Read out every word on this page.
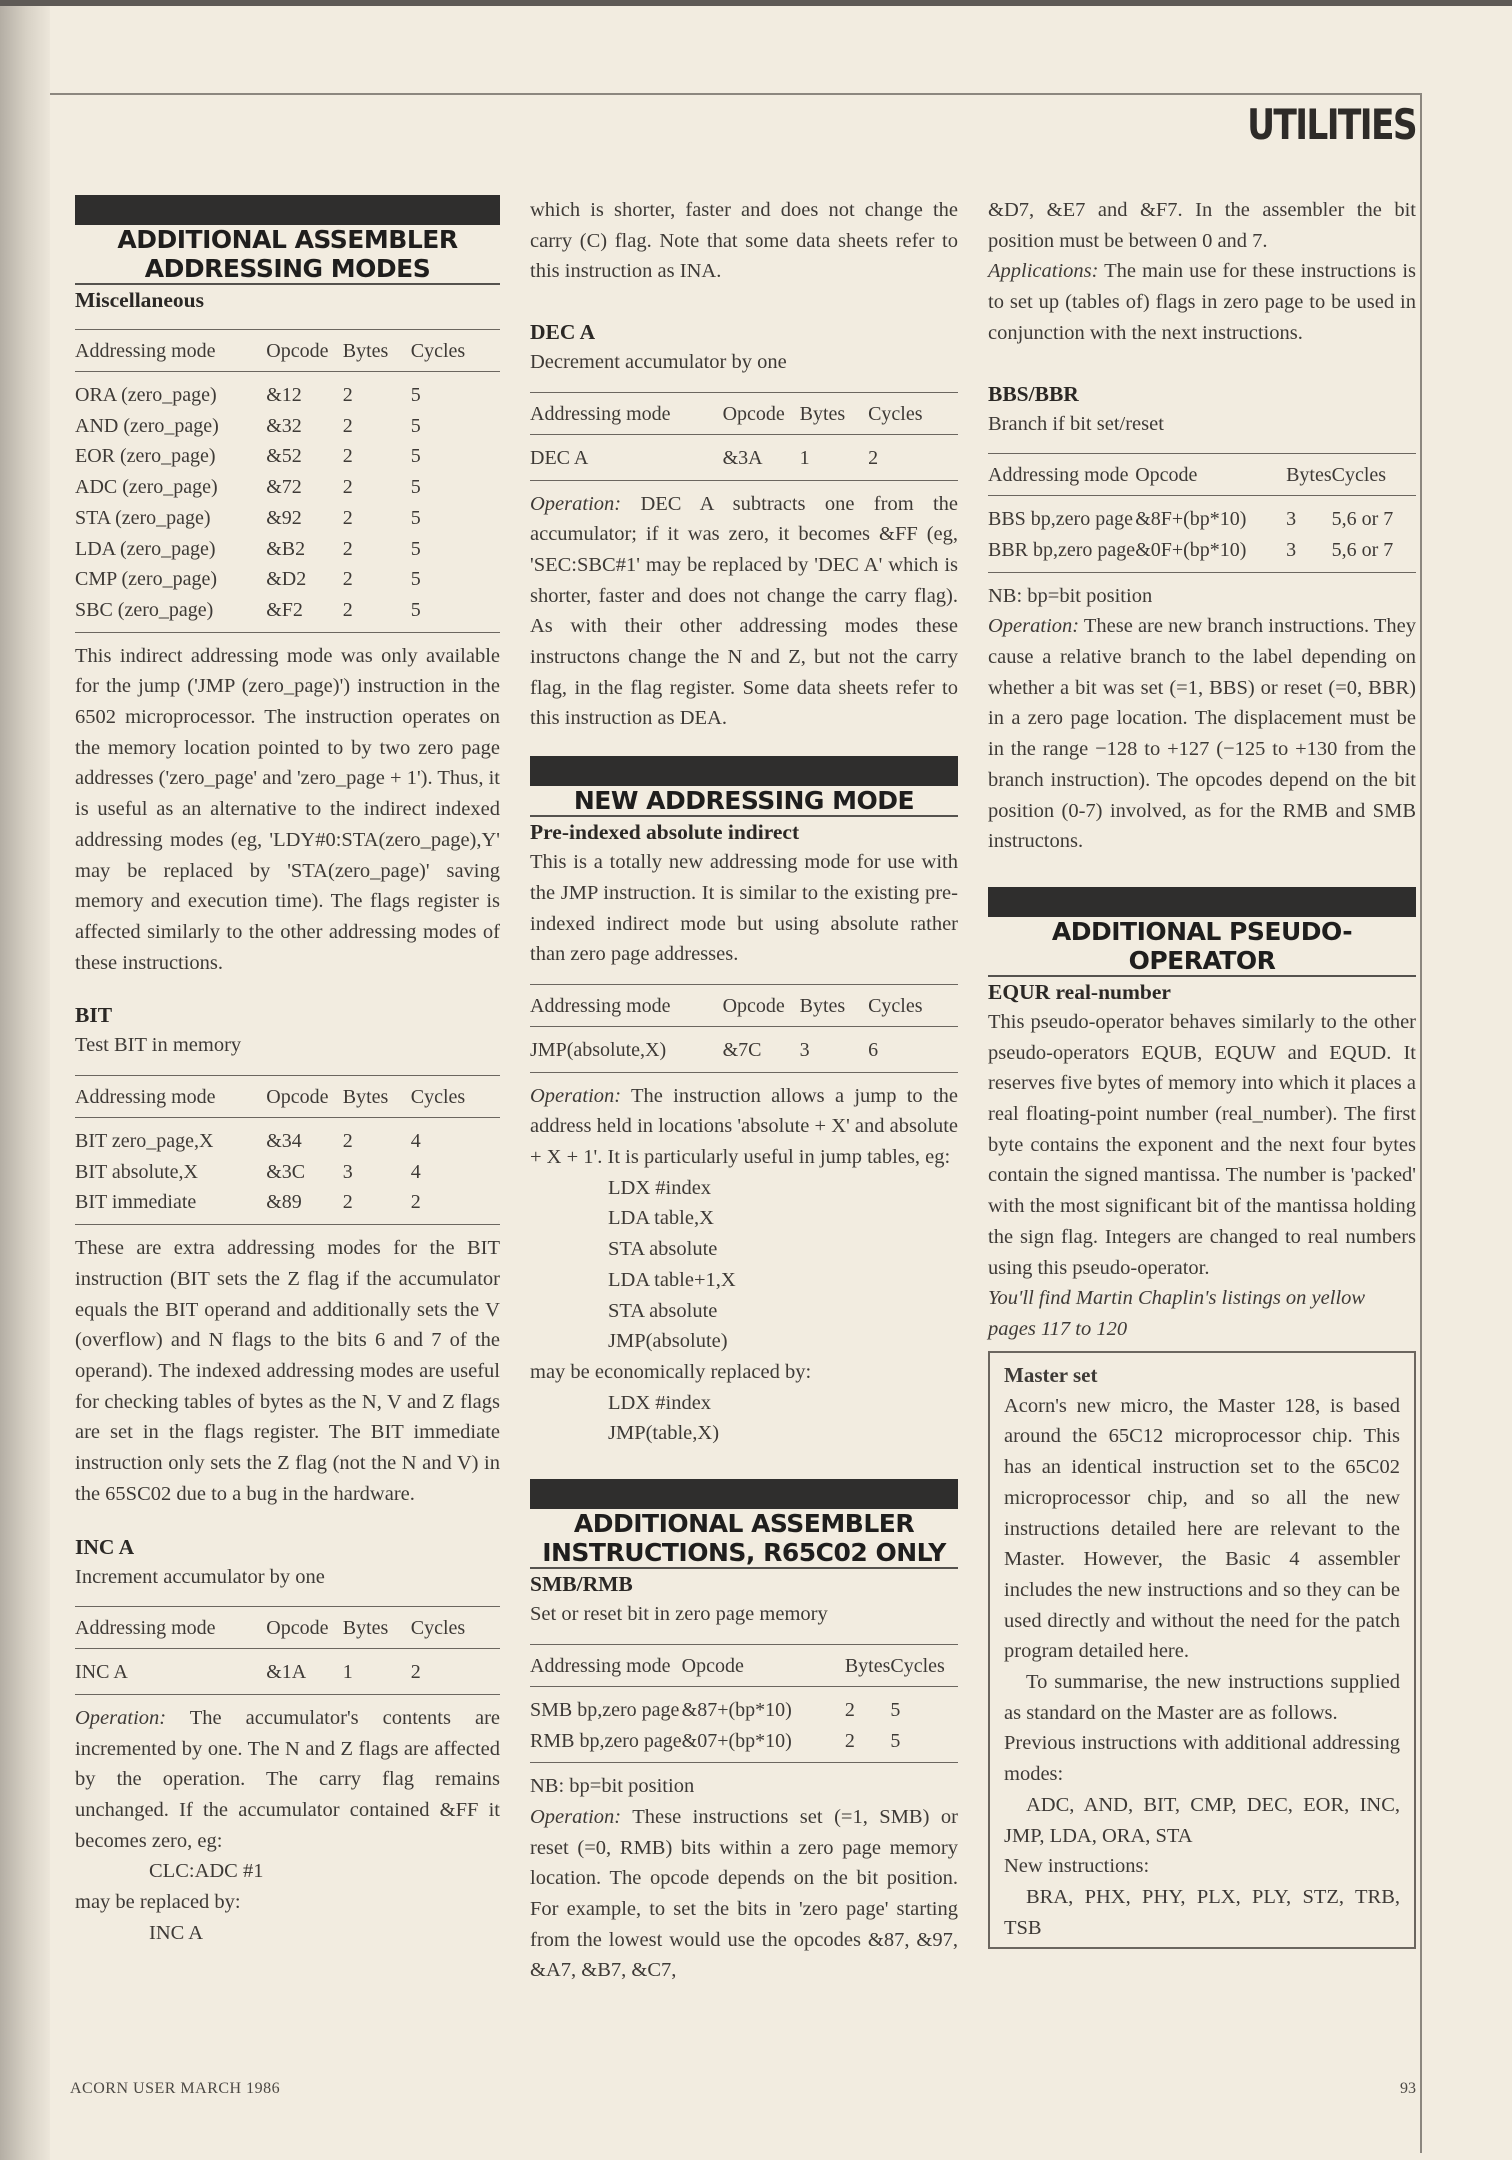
UTILITIES
ADDITIONAL ASSEMBLER
ADDRESSING MODES
Miscellaneous
Addressing mode	Opcode	Bytes	Cycles
ORA (zero_page)	&12	2	5
AND (zero_page)	&32	2	5
EOR (zero_page)	&52	2	5
ADC (zero_page)	&72	2	5
STA (zero_page)	&92	2	5
LDA (zero_page)	&B2	2	5
CMP (zero_page)	&D2	2	5
SBC (zero_page)	&F2	2	5

This indirect addressing mode was only available for the jump ('JMP (zero_page)') instruction in the 6502 microprocessor. The instruction operates on the memory location pointed to by two zero page addresses ('zero_page' and 'zero_page + 1'). Thus, it is useful as an alternative to the indirect indexed addressing modes (eg, 'LDY#0:STA(zero_page),Y' may be replaced by 'STA(zero_page)' saving memory and execution time). The flags register is affected similarly to the other addressing modes of these instructions.

BIT

Test BIT in memory

Addressing mode	Opcode	Bytes	Cycles
BIT zero_page,X	&34	2	4
BIT absolute,X	&3C	3	4
BIT immediate	&89	2	2

These are extra addressing modes for the BIT instruction (BIT sets the Z flag if the accumulator equals the BIT operand and additionally sets the V (overflow) and N flags to the bits 6 and 7 of the operand). The indexed addressing modes are useful for checking tables of bytes as the N, V and Z flags are set in the flags register. The BIT immediate instruction only sets the Z flag (not the N and V) in the 65SC02 due to a bug in the hardware.

INC A

Increment accumulator by one

Addressing mode	Opcode	Bytes	Cycles
INC A	&1A	1	2

Operation: The accumulator's contents are incremented by one. The N and Z flags are affected by the operation. The carry flag remains unchanged. If the accumulator contained &FF it becomes zero, eg:

CLC:ADC #1

may be replaced by:

INC A

which is shorter, faster and does not change the carry (C) flag. Note that some data sheets refer to this instruction as INA.

DEC A

Decrement accumulator by one

Addressing mode	Opcode	Bytes	Cycles
DEC A	&3A	1	2

Operation: DEC A subtracts one from the accumulator; if it was zero, it becomes &FF (eg, 'SEC:SBC#1' may be replaced by 'DEC A' which is shorter, faster and does not change the carry flag). As with their other addressing modes these instructons change the N and Z, but not the carry flag, in the flag register. Some data sheets refer to this instruction as DEA.

NEW ADDRESSING MODE
Pre-indexed absolute indirect

This is a totally new addressing mode for use with the JMP instruction. It is similar to the existing pre-indexed indirect mode but using absolute rather than zero page addresses.

Addressing mode	Opcode	Bytes	Cycles
JMP(absolute,X)	&7C	3	6

Operation: The instruction allows a jump to the address held in locations 'absolute + X' and absolute + X + 1'. It is particularly useful in jump tables, eg:

LDX #index

LDA table,X

STA absolute

LDA table+1,X

STA absolute

JMP(absolute)

may be economically replaced by:

LDX #index

JMP(table,X)

ADDITIONAL ASSEMBLER
INSTRUCTIONS, R65C02 ONLY
SMB/RMB

Set or reset bit in zero page memory

Addressing mode	Opcode	Bytes	Cycles
SMB bp,zero page	&87+(bp*10)	2	5
RMB bp,zero page	&07+(bp*10)	2	5

NB: bp=bit position

Operation: These instructions set (=1, SMB) or reset (=0, RMB) bits within a zero page memory location. The opcode depends on the bit position. For example, to set the bits in 'zero page' starting from the lowest would use the opcodes &87, &97, &A7, &B7, &C7,

&D7, &E7 and &F7. In the assembler the bit position must be between 0 and 7.

Applications: The main use for these instructions is to set up (tables of) flags in zero page to be used in conjunction with the next instructions.

BBS/BBR

Branch if bit set/reset

Addressing mode	Opcode	Bytes	Cycles
BBS bp,zero page	&8F+(bp*10)	3	5,6 or 7
BBR bp,zero page	&0F+(bp*10)	3	5,6 or 7

NB: bp=bit position

Operation: These are new branch instructions. They cause a relative branch to the label depending on whether a bit was set (=1, BBS) or reset (=0, BBR) in a zero page location. The displacement must be in the range −128 to +127 (−125 to +130 from the branch instruction). The opcodes depend on the bit position (0-7) involved, as for the RMB and SMB instructons.

ADDITIONAL PSEUDO-OPERATOR
EQUR real-number

This pseudo-operator behaves similarly to the other pseudo-operators EQUB, EQUW and EQUD. It reserves five bytes of memory into which it places a real floating-point number (real_number). The first byte contains the exponent and the next four bytes contain the signed mantissa. The number is 'packed' with the most significant bit of the mantissa holding the sign flag. Integers are changed to real numbers using this pseudo-operator.

You'll find Martin Chaplin's listings on yellow pages 117 to 120

Master set

Acorn's new micro, the Master 128, is based around the 65C12 microprocessor chip. This has an identical instruction set to the 65C02 microprocessor chip, and so all the new instructions detailed here are relevant to the Master. However, the Basic 4 assembler includes the new instructions and so they can be used directly and without the need for the patch program detailed here.

To summarise, the new instructions supplied as standard on the Master are as follows.

Previous instructions with additional addressing modes:

ADC, AND, BIT, CMP, DEC, EOR, INC, JMP, LDA, ORA, STA

New instructions:

BRA, PHX, PHY, PLX, PLY, STZ, TRB, TSB

ACORN USER MARCH 1986	93
